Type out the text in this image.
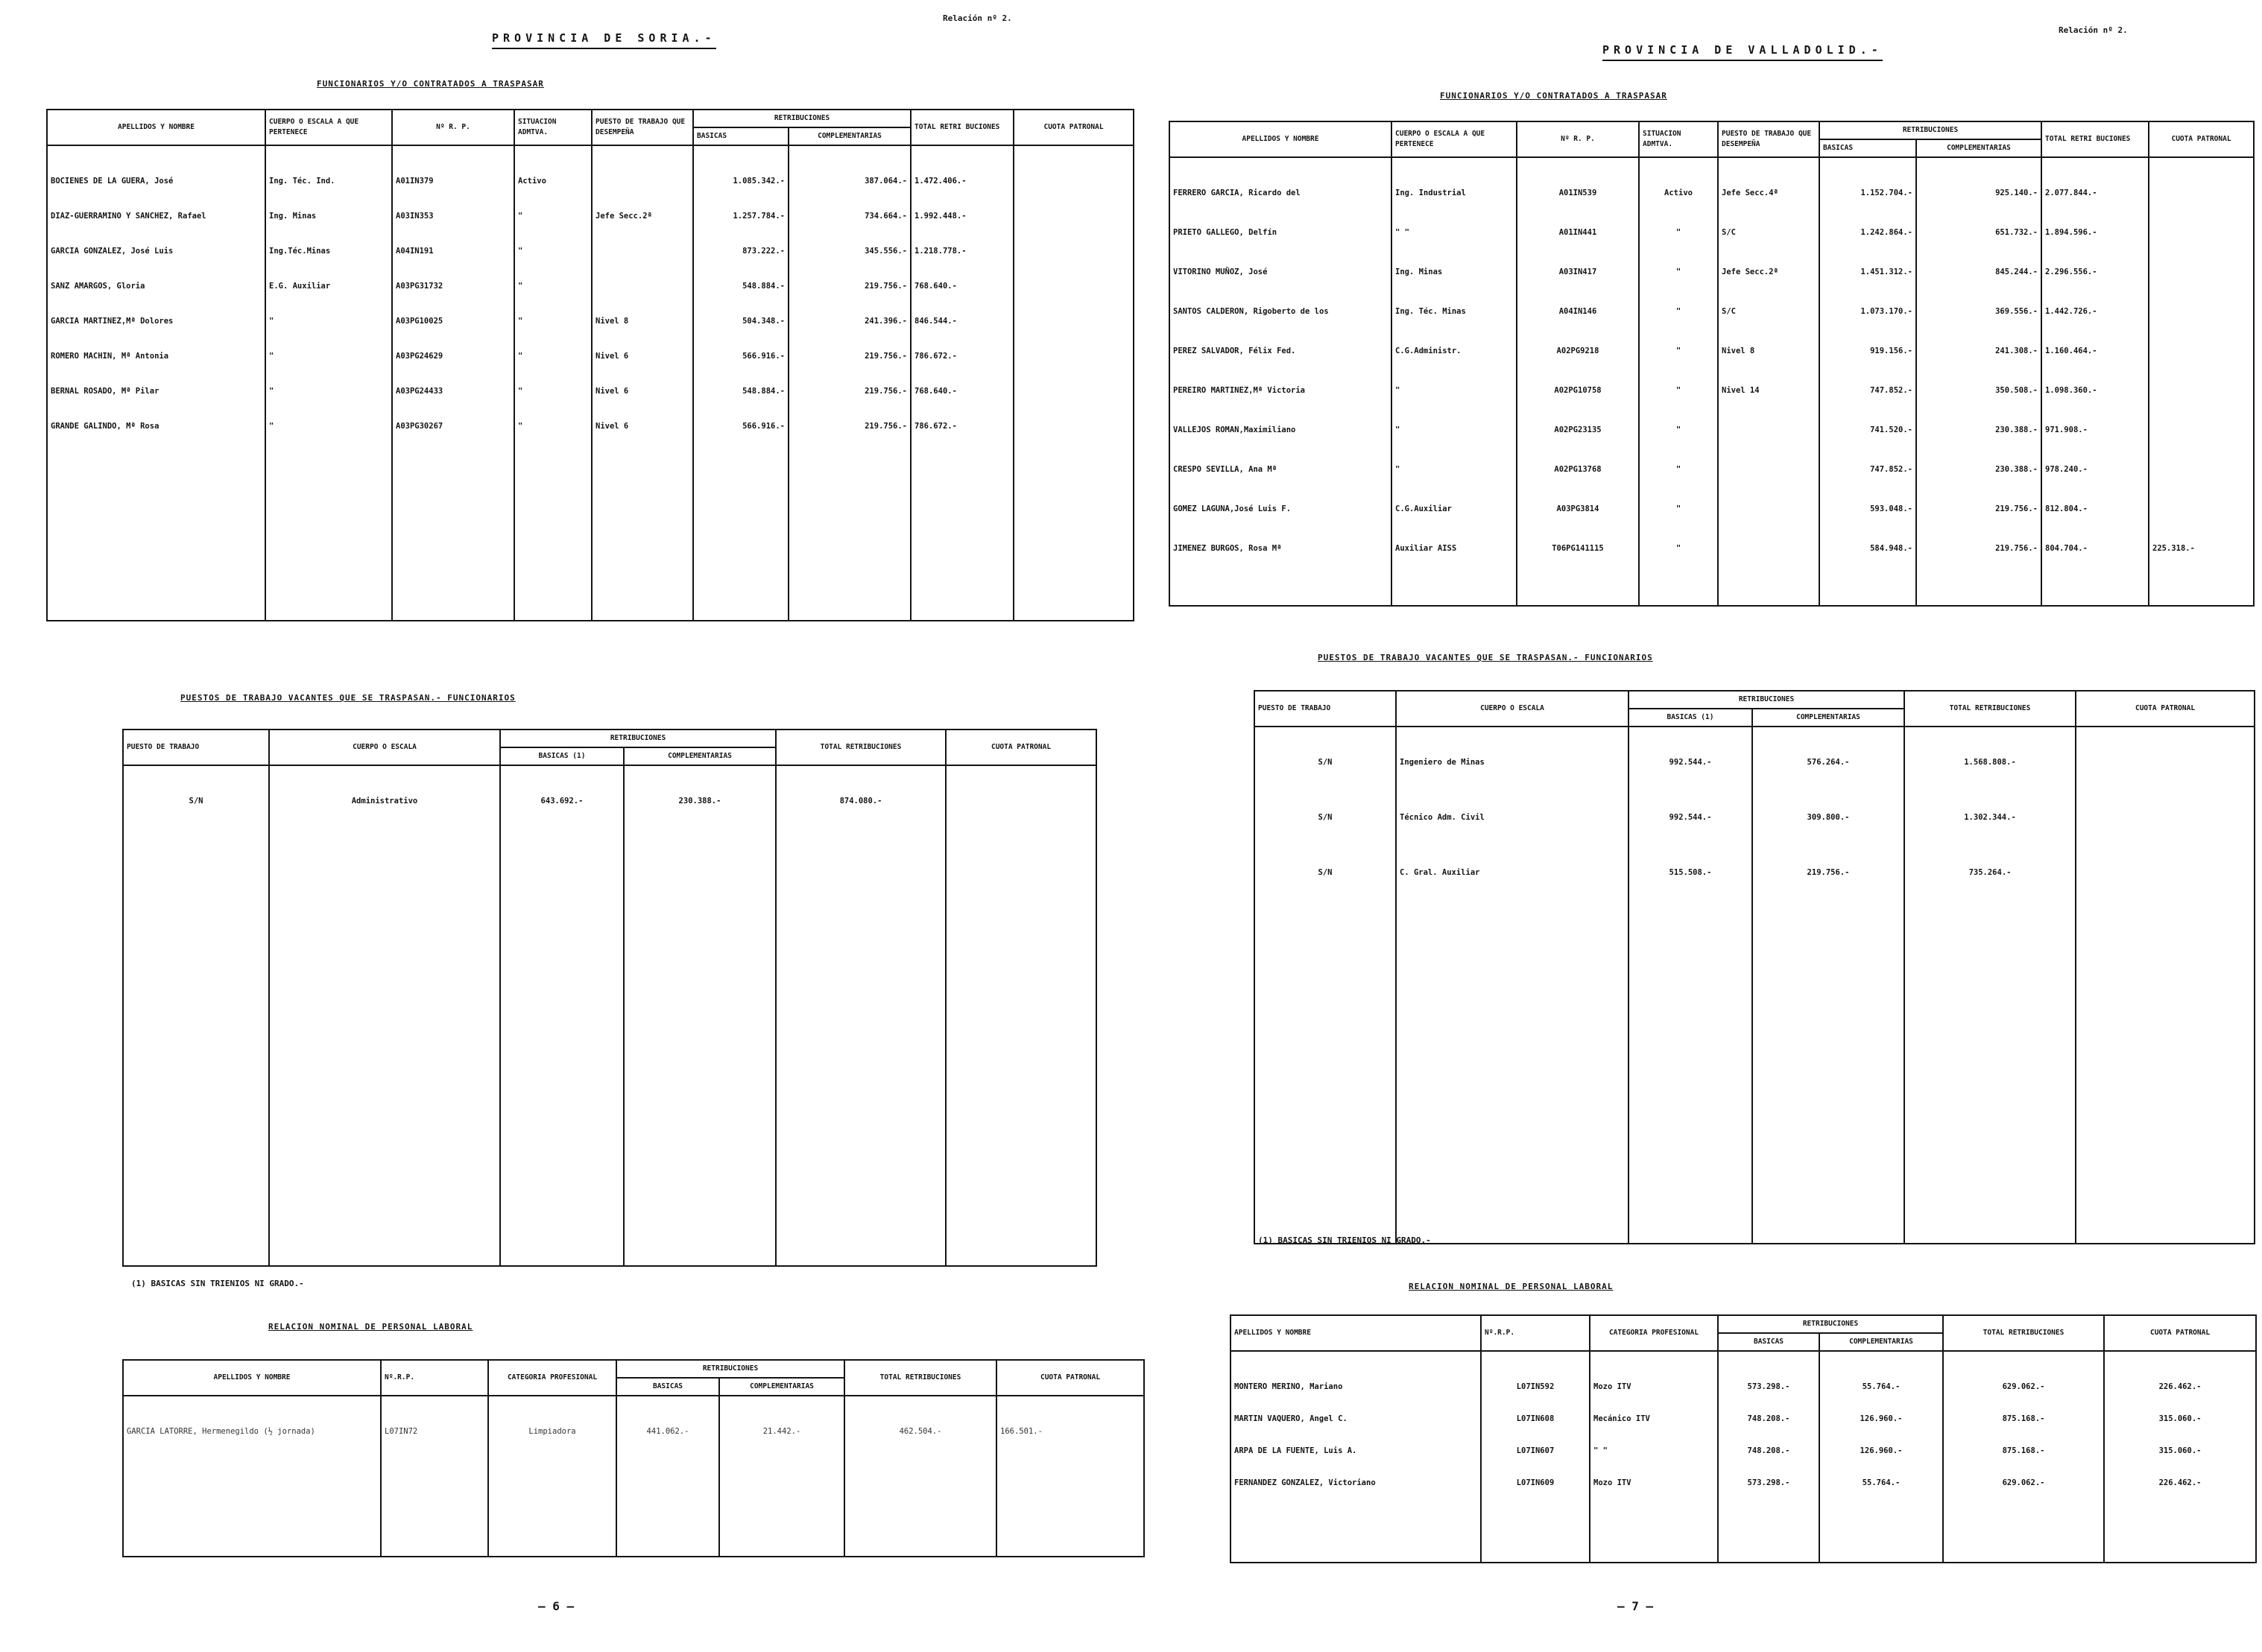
PROVINCIA DE SORIA.-
Relación nº 2.
FUNCIONARIOS Y/O CONTRATADOS A TRASPASAR
APELLIDOS Y NOMBRE	CUERPO O ESCALA A QUE PERTENECE	Nº R. P.	SITUACION ADMTVA.	PUESTO DE TRABAJO QUE DESEMPEÑA	RETRIBUCIONES		TOTAL RETRI BUCIONES	CUOTA PATRONAL
					BASICAS	COMPLEMENTARIAS		

BOCIENES DE LA GUERA, José	Ing. Téc. Ind.	A01IN379	Activo		1.085.342.-	387.064.-	1.472.406.-	
DIAZ-GUERRAMINO Y SANCHEZ, Rafael	Ing. Minas	A03IN353	"	Jefe Secc.2ª	1.257.784.-	734.664.-	1.992.448.-	
GARCIA GONZALEZ, José Luis	Ing.Téc.Minas	A04IN191	"		873.222.-	345.556.-	1.218.778.-	
SANZ AMARGOS, Gloria	E.G. Auxiliar	A03PG31732	"		548.884.-	219.756.-	768.640.-	
GARCIA MARTINEZ,Mª Dolores	"	A03PG10025	"	Nivel 8	504.348.-	241.396.-	846.544.-	
ROMERO MACHIN, Mª Antonia	"	A03PG24629	"	Nivel 6	566.916.-	219.756.-	786.672.-	
BERNAL ROSADO, Mª Pilar	"	A03PG24433	"	Nivel 6	548.884.-	219.756.-	768.640.-	
GRANDE GALINDO, Mª Rosa	"	A03PG30267	"	Nivel 6	566.916.-	219.756.-	786.672.-	

PUESTOS DE TRABAJO VACANTES QUE SE TRASPASAN.- FUNCIONARIOS
PUESTO DE TRABAJO	CUERPO O ESCALA	RETRIBUCIONES		TOTAL RETRIBUCIONES	CUOTA PATRONAL
		BASICAS (1)	COMPLEMENTARIAS		

S/N	Administrativo	643.692.-	230.388.-	874.080.-	

(1) BASICAS SIN TRIENIOS NI GRADO.-
RELACION NOMINAL DE PERSONAL LABORAL
APELLIDOS Y NOMBRE	Nº.R.P.	CATEGORIA PROFESIONAL	RETRIBUCIONES		TOTAL RETRIBUCIONES	CUOTA PATRONAL
			BASICAS	COMPLEMENTARIAS		

GARCIA LATORRE, Hermenegildo (½ jornada)	L07IN72	Limpiadora	441.062.-	21.442.-	462.504.-	166.501.-

— 6 —
PROVINCIA DE VALLADOLID.-
Relación nº 2.
FUNCIONARIOS Y/O CONTRATADOS A TRASPASAR
APELLIDOS Y NOMBRE	CUERPO O ESCALA A QUE PERTENECE	Nº R. P.	SITUACION ADMTVA.	PUESTO DE TRABAJO QUE DESEMPEÑA	RETRIBUCIONES		TOTAL RETRI BUCIONES	CUOTA PATRONAL
					BASICAS	COMPLEMENTARIAS		

FERRERO GARCIA, Ricardo del	Ing. Industrial	A01IN539	Activo	Jefe Secc.4ª	1.152.704.-	925.140.-	2.077.844.-	
PRIETO GALLEGO, Delfín	" "	A01IN441	"	S/C	1.242.864.-	651.732.-	1.894.596.-	
VITORINO MUÑOZ, José	Ing. Minas	A03IN417	"	Jefe Secc.2ª	1.451.312.-	845.244.-	2.296.556.-	
SANTOS CALDERON, Rigoberto de los	Ing. Téc. Minas	A04IN146	"	S/C	1.073.170.-	369.556.-	1.442.726.-	
PEREZ SALVADOR, Félix Fed.	C.G.Administr.	A02PG9218	"	Nivel 8	919.156.-	241.308.-	1.160.464.-	
PEREIRO MARTINEZ,Mª Victoria	"	A02PG10758	"	Nivel 14	747.852.-	350.508.-	1.098.360.-	
VALLEJOS ROMAN,Maximiliano	"	A02PG23135	"		741.520.-	230.388.-	971.908.-	
CRESPO SEVILLA, Ana Mª	"	A02PG13768	"		747.852.-	230.388.-	978.240.-	
GOMEZ LAGUNA,José Luis F.	C.G.Auxiliar	A03PG3814	"		593.048.-	219.756.-	812.804.-	
JIMENEZ BURGOS, Rosa Mª	Auxiliar AISS	T06PG141115	"		584.948.-	219.756.-	804.704.-	225.318.-

PUESTOS DE TRABAJO VACANTES QUE SE TRASPASAN.- FUNCIONARIOS
PUESTO DE TRABAJO	CUERPO O ESCALA	RETRIBUCIONES		TOTAL RETRIBUCIONES	CUOTA PATRONAL
		BASICAS (1)	COMPLEMENTARIAS		

S/N	Ingeniero de Minas	992.544.-	576.264.-	1.568.808.-	
S/N	Técnico Adm. Civil	992.544.-	309.800.-	1.302.344.-	
S/N	C. Gral. Auxiliar	515.508.-	219.756.-	735.264.-	

(1) BASICAS SIN TRIENIOS NI GRADO.-
RELACION NOMINAL DE PERSONAL LABORAL
APELLIDOS Y NOMBRE	Nº.R.P.	CATEGORIA PROFESIONAL	RETRIBUCIONES		TOTAL RETRIBUCIONES	CUOTA PATRONAL
			BASICAS	COMPLEMENTARIAS		

MONTERO MERINO, Mariano	L07IN592	Mozo ITV	573.298.-	55.764.-	629.062.-	226.462.-
MARTIN VAQUERO, Angel C.	L07IN608	Mecánico ITV	748.208.-	126.960.-	875.168.-	315.060.-
ARPA DE LA FUENTE, Luis A.	L07IN607	" "	748.208.-	126.960.-	875.168.-	315.060.-
FERNANDEZ GONZALEZ, Victoriano	L07IN609	Mozo ITV	573.298.-	55.764.-	629.062.-	226.462.-

— 7 —
